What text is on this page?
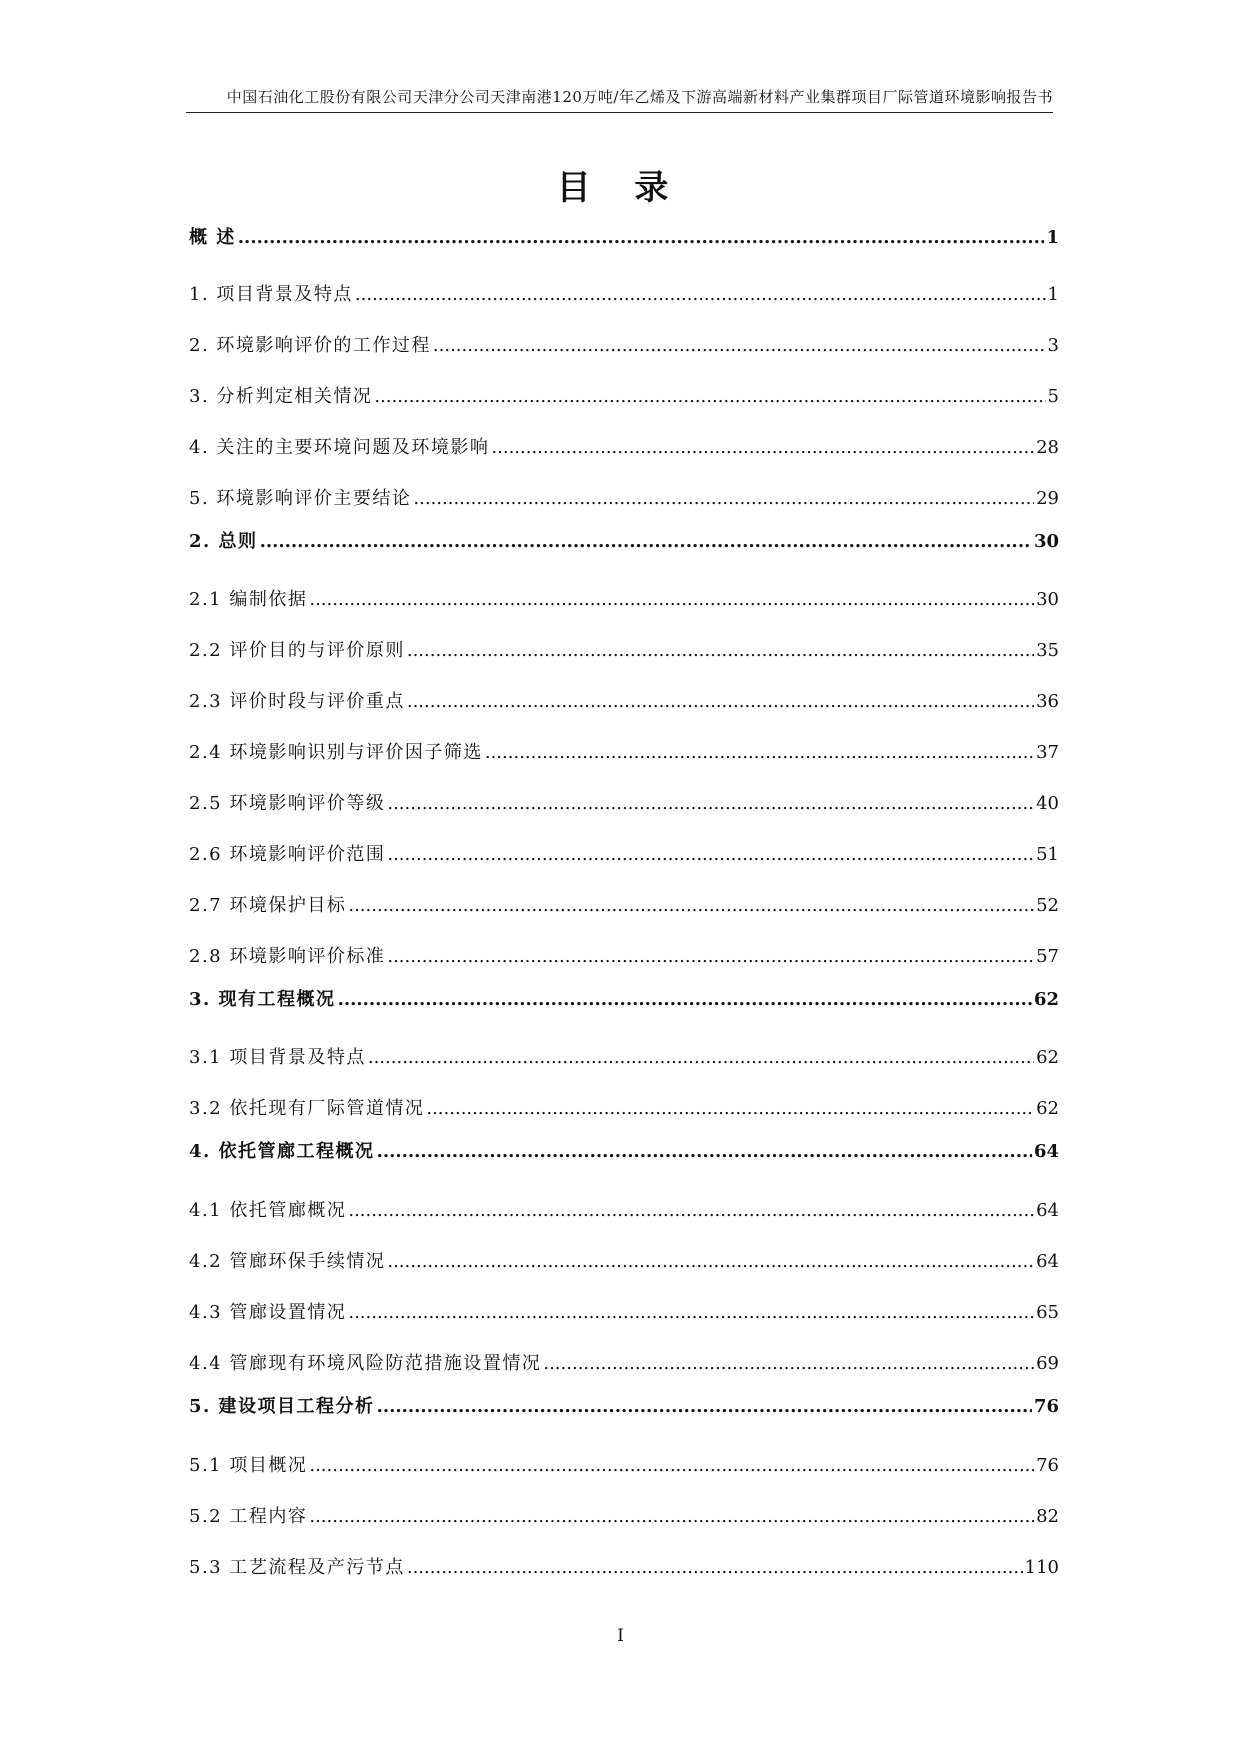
中国石油化工股份有限公司天津分公司天津南港120万吨/年乙烯及下游高端新材料产业集群项目厂际管道环境影响报告书
目 录
概 述 .....	1
1. 项目背景及特点 .....	1
2. 环境影响评价的工作过程 .....	3
3. 分析判定相关情况 .....	5
4. 关注的主要环境问题及环境影响 .....	28
5. 环境影响评价主要结论 .....	29
2. 总则 .....	30
2.1 编制依据 .....	30
2.2 评价目的与评价原则 .....	35
2.3 评价时段与评价重点 .....	36
2.4 环境影响识别与评价因子筛选 .....	37
2.5 环境影响评价等级 .....	40
2.6 环境影响评价范围 .....	51
2.7 环境保护目标 .....	52
2.8 环境影响评价标准 .....	57
3. 现有工程概况 .....	62
3.1 项目背景及特点 .....	62
3.2 依托现有厂际管道情况 .....	62
4. 依托管廊工程概况 .....	64
4.1 依托管廊概况 .....	64
4.2 管廊环保手续情况 .....	64
4.3 管廊设置情况 .....	65
4.4 管廊现有环境风险防范措施设置情况 .....	69
5. 建设项目工程分析 .....	76
5.1 项目概况 .....	76
5.2 工程内容 .....	82
5.3 工艺流程及产污节点 .....	110
I
